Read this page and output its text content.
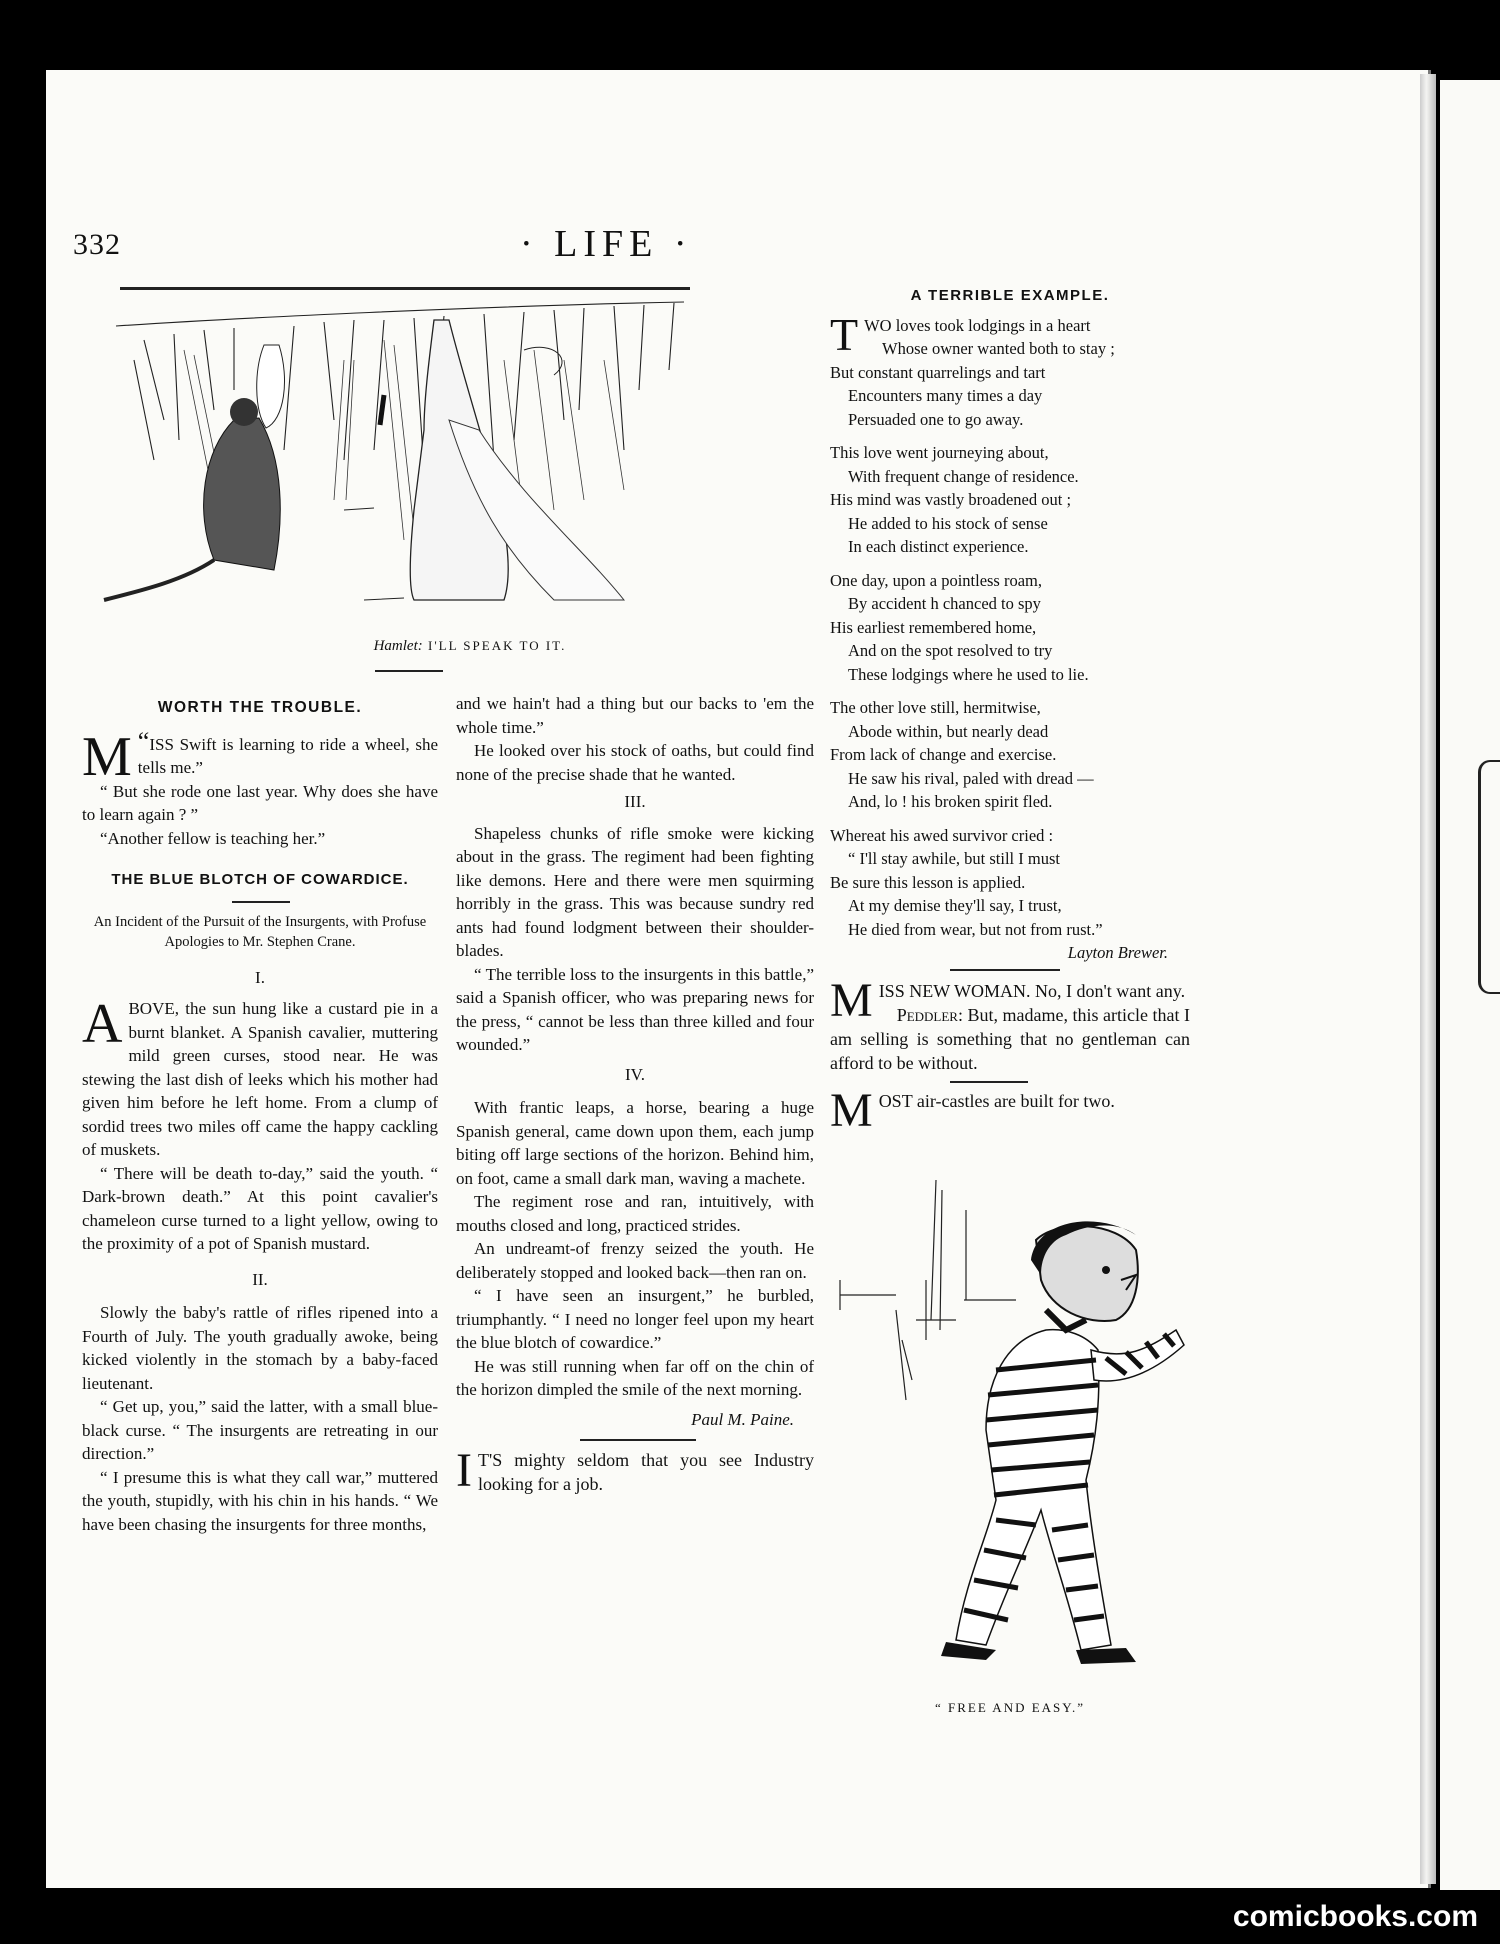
332	· LIFE ·
Hamlet: I'LL SPEAK TO IT.
WORTH THE TROUBLE.

“
M ISS Swift is learning to ride a wheel, she tells me.”

“ But she rode one last year. Why does she have to learn again ? ”

“Another fellow is teaching her.”

THE BLUE BLOTCH OF COWARDICE.
An Incident of the Pursuit of the Insurgents, with Profuse Apologies to Mr. Stephen Crane.
I.

ABOVE, the sun hung like a custard pie in a burnt blanket. A Spanish cavalier, muttering mild green curses, stood near. He was stewing the last dish of leeks which his mother had given him before he left home. From a clump of sordid trees two miles off came the happy cackling of muskets.

“ There will be death to-day,” said the youth. “ Dark-brown death.” At this point cavalier's chameleon curse turned to a light yellow, owing to the proximity of a pot of Spanish mustard.

II.

Slowly the baby's rattle of rifles ripened into a Fourth of July. The youth gradually awoke, being kicked violently in the stomach by a baby-faced lieutenant.

“ Get up, you,” said the latter, with a small blue-black curse. “ The insurgents are retreating in our direction.”

“ I presume this is what they call war,” muttered the youth, stupidly, with his chin in his hands. “ We have been chasing the insurgents for three months,

and we hain't had a thing but our backs to 'em the whole time.”

He looked over his stock of oaths, but could find none of the precise shade that he wanted.

III.

Shapeless chunks of rifle smoke were kicking about in the grass. The regiment had been fighting like demons. Here and there were men squirming horribly in the grass. This was because sundry red ants had found lodgment between their shoulder-blades.

“ The terrible loss to the insurgents in this battle,” said a Spanish officer, who was preparing news for the press, “ cannot be less than three killed and four wounded.”

IV.

With frantic leaps, a horse, bearing a huge Spanish general, came down upon them, each jump biting off large sections of the horizon. Behind him, on foot, came a small dark man, waving a machete.

The regiment rose and ran, intuitively, with mouths closed and long, practiced strides.

An undreamt-of frenzy seized the youth. He deliberately stopped and looked back—then ran on.

“ I have seen an insurgent,” he burbled, triumphantly. “ I need no longer feel upon my heart the blue blotch of cowardice.”

He was still running when far off on the chin of the horizon dimpled the smile of the next morning.

Paul M. Paine.

I T'S mighty seldom that you see Industry looking for a job.

A TERRIBLE EXAMPLE.
TWO loves took lodgings in a heart
Whose owner wanted both to stay ;
But constant quarrelings and tart
Encounters many times a day
Persuaded one to go away.
This love went journeying about,
With frequent change of residence.
His mind was vastly broadened out ;
He added to his stock of sense
In each distinct experience.
One day, upon a pointless roam,
By accident h chanced to spy
His earliest remembered home,
And on the spot resolved to try
These lodgings where he used to lie.
The other love still, hermitwise,
Abode within, but nearly dead
From lack of change and exercise.
He saw his rival, paled with dread —
And, lo ! his broken spirit fled.
Whereat his awed survivor cried :
“ I'll stay awhile, but still I must
Be sure this lesson is applied.
At my demise they'll say, I trust,
He died from wear, but not from rust.”
Layton Brewer.

MISS NEW WOMAN. No, I don't want any.

Peddler: But, madame, this article that I am selling is something that no gentleman can afford to be without.

MOST air-castles are built for two.

“ FREE AND EASY.”
comicbooks.com
